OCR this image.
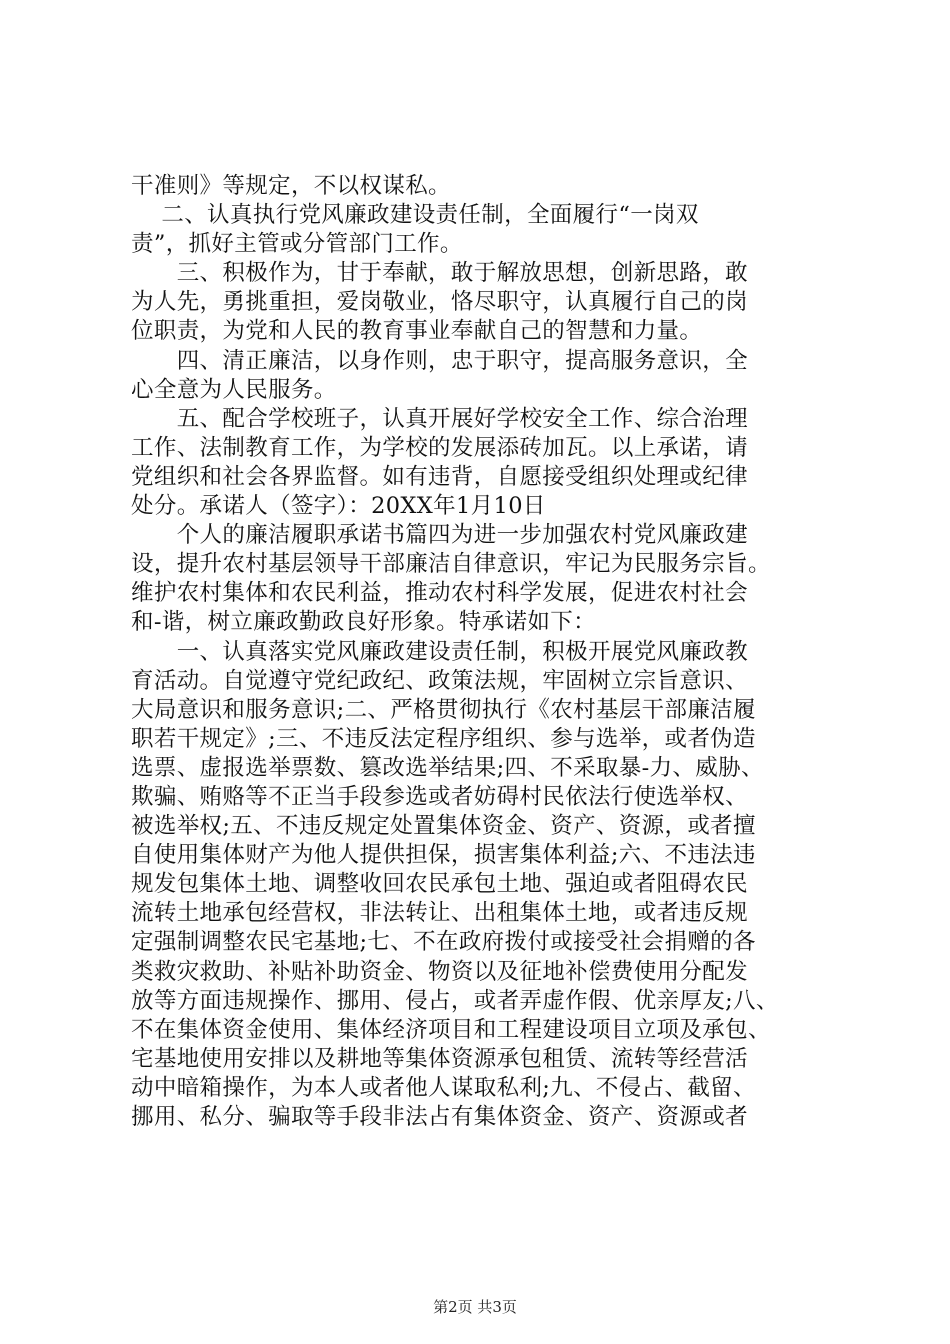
干准则》等规定，不以权谋私。
　 二、认真执行党风廉政建设责任制，全面履行“一岗双
责”，抓好主管或分管部门工作。
　　三、积极作为，甘于奉献，敢于解放思想，创新思路，敢
为人先，勇挑重担，爱岗敬业，恪尽职守，认真履行自己的岗
位职责，为党和人民的教育事业奉献自己的智慧和力量。
　　四、清正廉洁，以身作则，忠于职守，提高服务意识，全
心全意为人民服务。
　　五、配合学校班子，认真开展好学校安全工作、综合治理
工作、法制教育工作，为学校的发展添砖加瓦。以上承诺，请
党组织和社会各界监督。如有违背，自愿接受组织处理或纪律
处分。承诺人（签字）：20XX年1月10日
　　个人的廉洁履职承诺书篇四为进一步加强农村党风廉政建
设，提升农村基层领导干部廉洁自律意识，牢记为民服务宗旨。
维护农村集体和农民利益，推动农村科学发展，促进农村社会
和-谐，树立廉政勤政良好形象。特承诺如下：
　　一、认真落实党风廉政建设责任制，积极开展党风廉政教
育活动。自觉遵守党纪政纪、政策法规，牢固树立宗旨意识、
大局意识和服务意识;二、严格贯彻执行《农村基层干部廉洁履
职若干规定》;三、不违反法定程序组织、参与选举，或者伪造
选票、虚报选举票数、篡改选举结果;四、不采取暴-力、威胁、
欺骗、贿赂等不正当手段参选或者妨碍村民依法行使选举权、
被选举权;五、不违反规定处置集体资金、资产、资源，或者擅
自使用集体财产为他人提供担保，损害集体利益;六、不违法违
规发包集体土地、调整收回农民承包土地、强迫或者阻碍农民
流转土地承包经营权，非法转让、出租集体土地，或者违反规
定强制调整农民宅基地;七、不在政府拨付或接受社会捐赠的各
类救灾救助、补贴补助资金、物资以及征地补偿费使用分配发
放等方面违规操作、挪用、侵占，或者弄虚作假、优亲厚友;八、
不在集体资金使用、集体经济项目和工程建设项目立项及承包、
宅基地使用安排以及耕地等集体资源承包租赁、流转等经营活
动中暗箱操作，为本人或者他人谋取私利;九、不侵占、截留、
挪用、私分、骗取等手段非法占有集体资金、资产、资源或者
第2页 共3页
